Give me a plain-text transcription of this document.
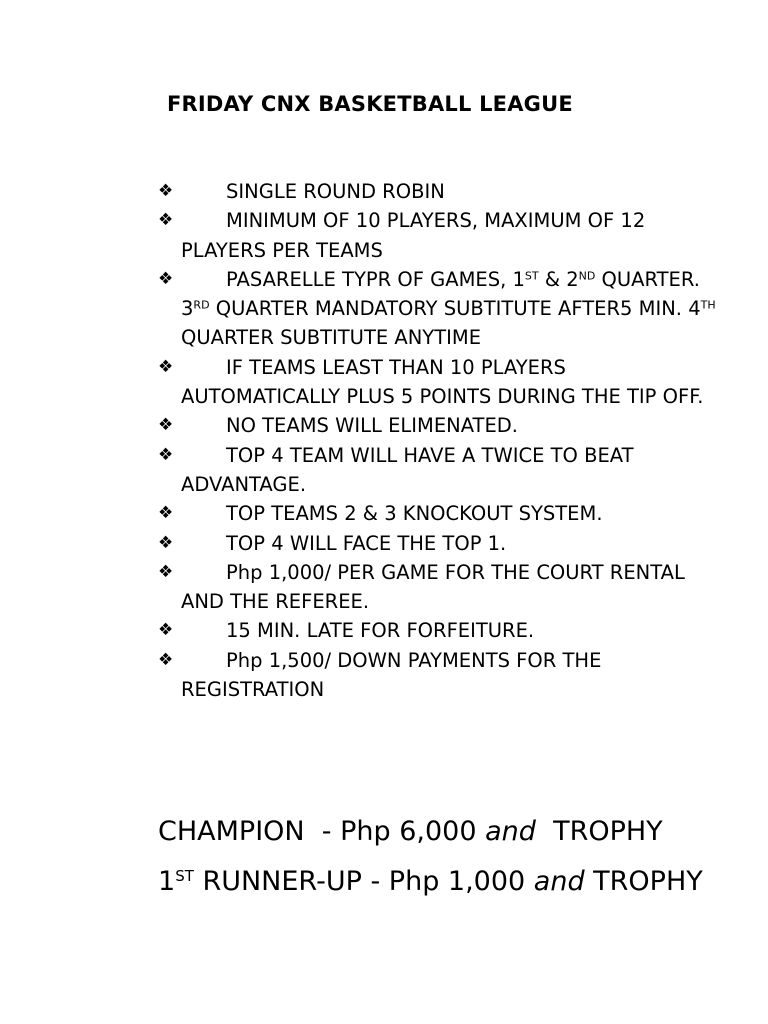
FRIDAY CNX BASKETBALL LEAGUE
❖	SINGLE ROUND ROBIN
❖	MINIMUM OF 10 PLAYERS, MAXIMUM OF 12 PLAYERS PER TEAMS
❖	PASARELLE TYPR OF GAMES, 1ST & 2ND QUARTER. 3RD QUARTER MANDATORY SUBTITUTE AFTER5 MIN. 4TH QUARTER SUBTITUTE ANYTIME
❖	IF TEAMS LEAST THAN 10 PLAYERS AUTOMATICALLY PLUS 5 POINTS DURING THE TIP OFF.
❖	NO TEAMS WILL ELIMENATED.
❖	TOP 4 TEAM WILL HAVE A TWICE TO BEAT ADVANTAGE.
❖	TOP TEAMS 2 & 3 KNOCKOUT SYSTEM.
❖	TOP 4 WILL FACE THE TOP 1.
❖	Php 1,000/ PER GAME FOR THE COURT RENTAL AND THE REFEREE.
❖	15 MIN. LATE FOR FORFEITURE.
❖	Php 1,500/ DOWN PAYMENTS FOR THE REGISTRATION
CHAMPION  - Php 6,000 and  TROPHY
1ST RUNNER-UP - Php 1,000 and TROPHY
